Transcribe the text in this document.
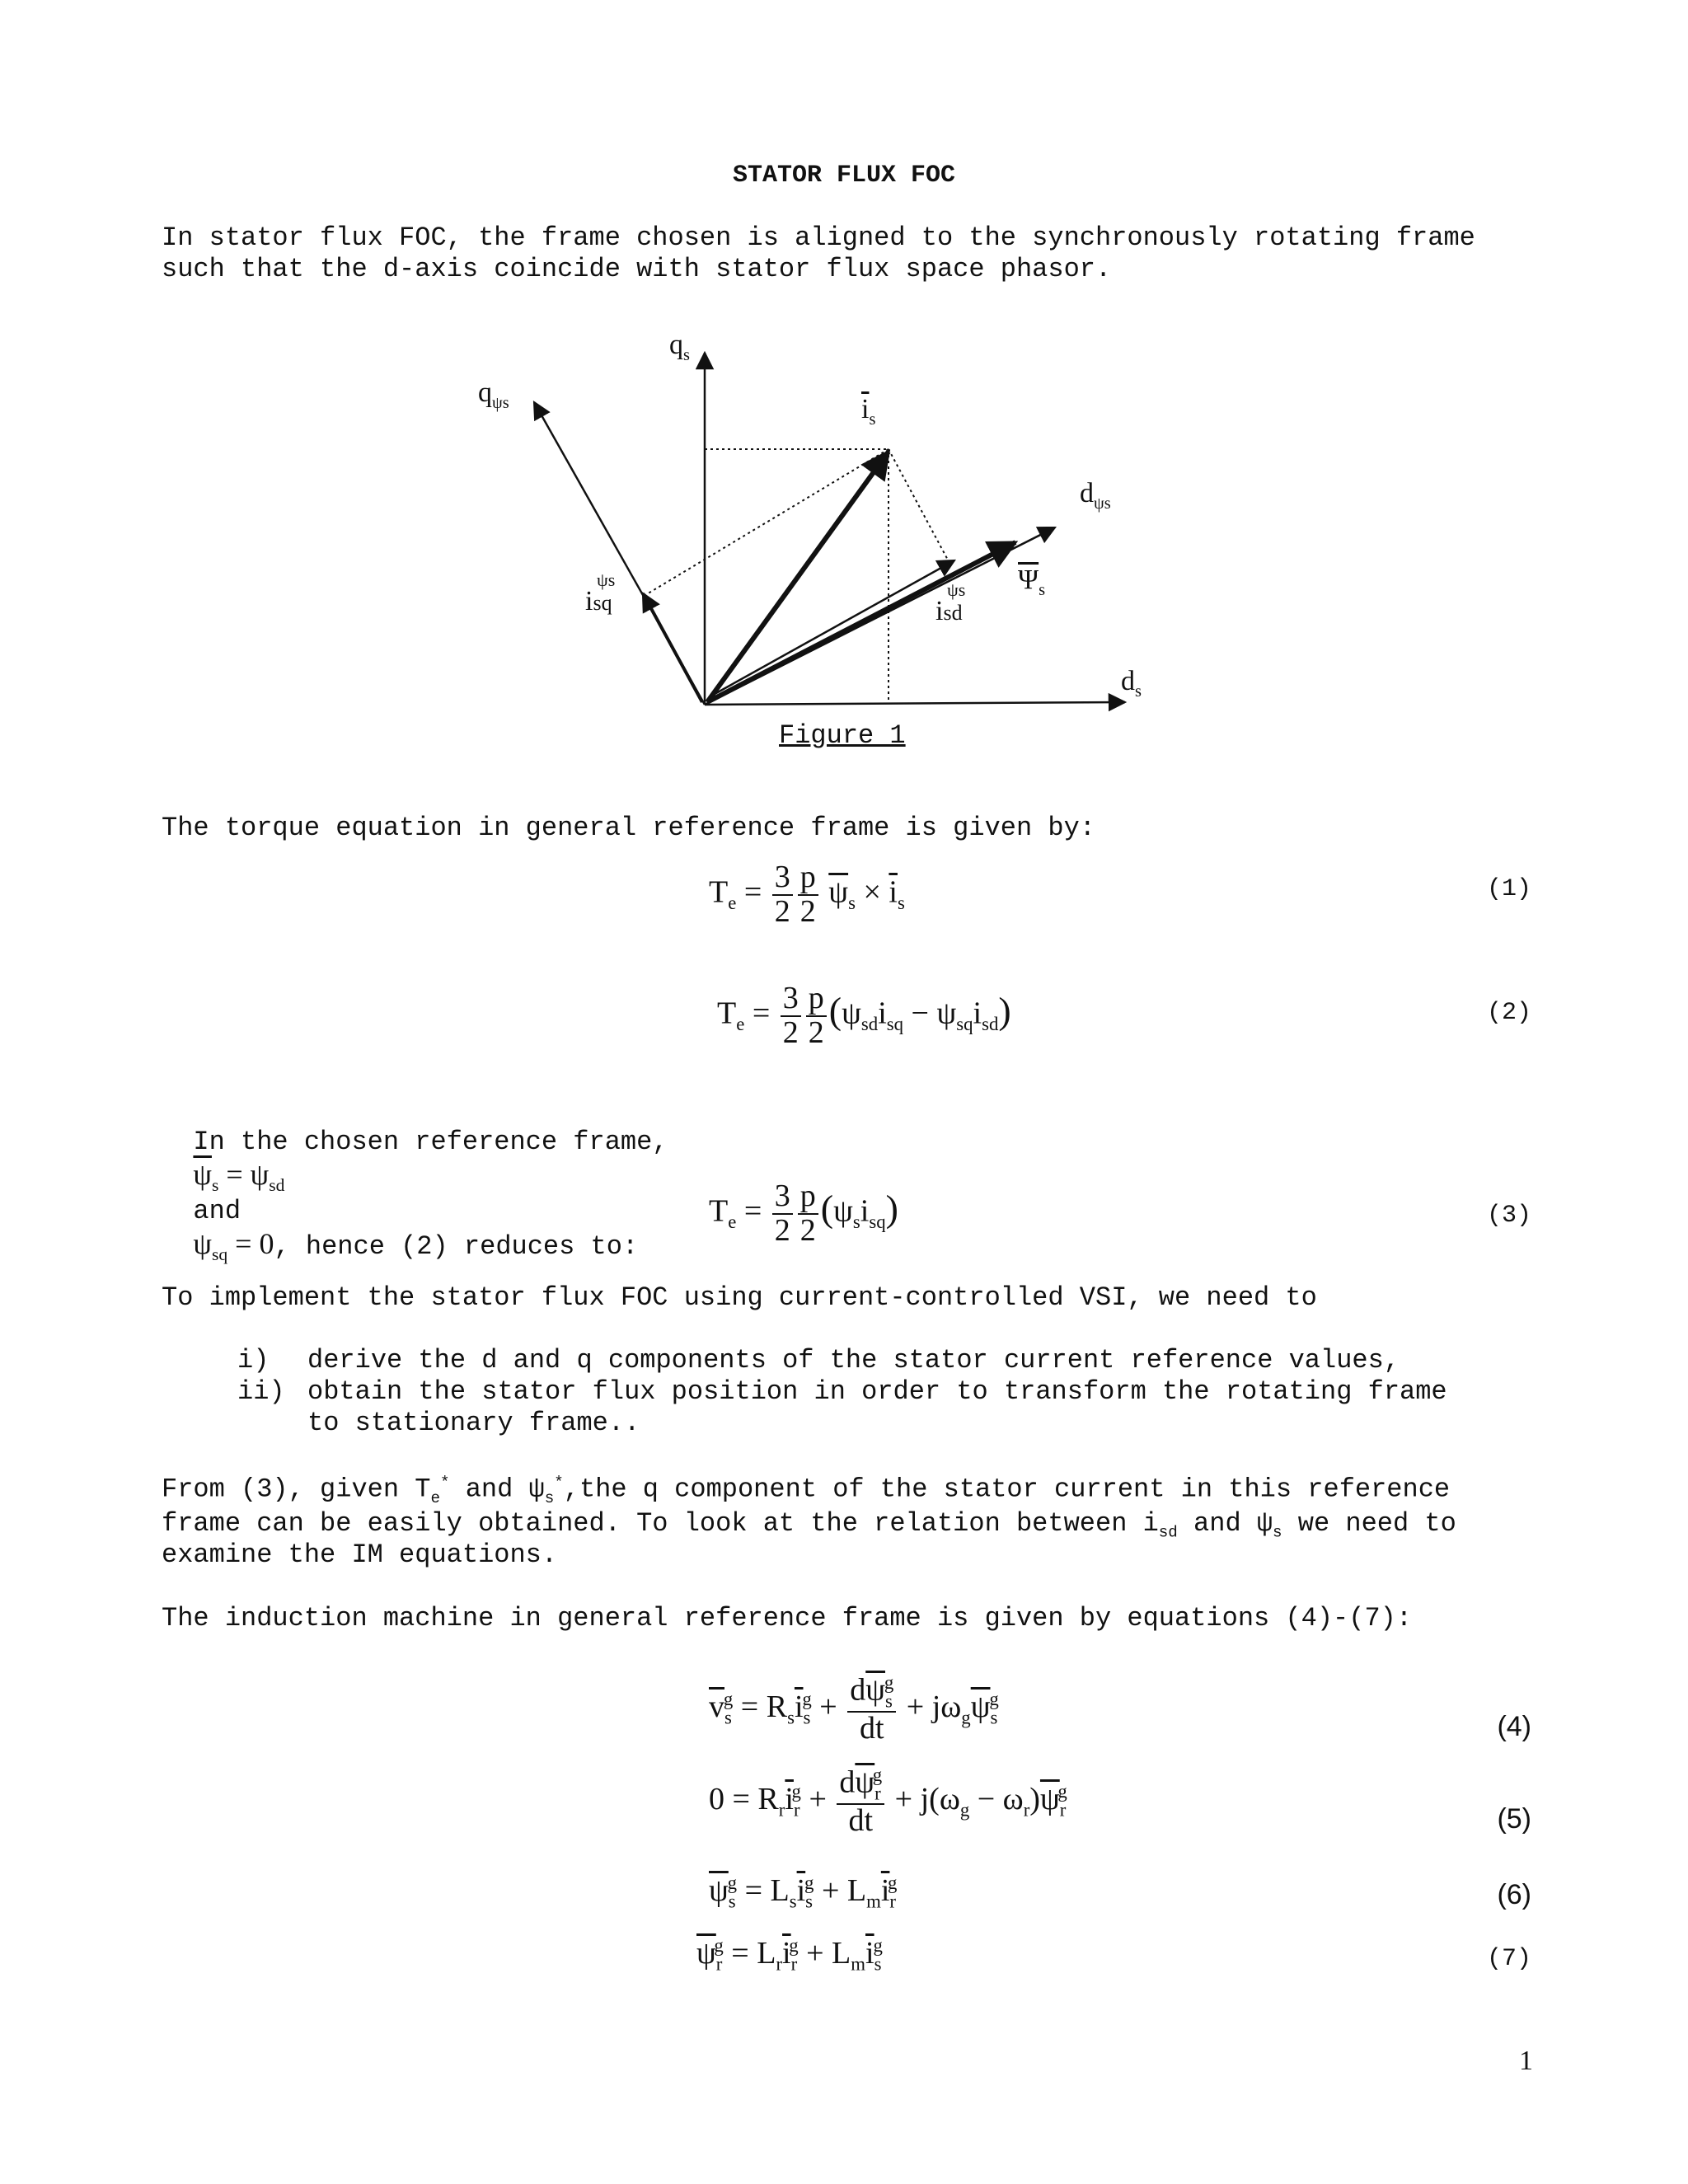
STATOR FLUX FOC
In stator flux FOC, the frame chosen is aligned to the synchronously rotating frame
such that the d-axis coincide with stator flux space phasor.
$q_s$
$q_{\psi s}$	$\overline{i}_s$
$d_{\psi s}$
ψs
isq
ψs
isd
$\overline{\Psi}_s$
$d_s$
Figure 1
The torque equation in general reference frame is given by:
$T_e = \frac{3}{2} \frac{p}{2} \overline{\psi}_s \times \overline{i}_s$	(1)
$T_e = \frac{3}{2} \frac{p}{2} (\psi_{sd}i_{sq} - \psi_{sq}i_{sd})$	(2)

In the chosen reference frame,
$\overline{\psi}_s = \psi_{sd}$
and
$\psi_{sq} = 0$, hence (2) reduces to:

$T_e = \frac{3}{2} \frac{p}{2} (\psi_si_{sq})$	(3)
To implement the stator flux FOC using current-controlled VSI, we need to
i) derive the d and q components of the stator current reference values,
ii) obtain the stator flux position in order to transform the rotating frame
to stationary frame..
From (3), given $T_e^*$ and $\psi_s^*,the$ q component of the stator current in this reference
frame can be easily obtained. To look at the relation between $i_{sd}$ and $\psi_s$ we need to
examine the IM equations.
The induction machine in general reference frame is given by equations (4)-(7):
$\overline{v}_s^g = R_s\overline{i}_s^g + \frac{d\overline{\psi}_s^g}{dt} + j\omega_g\overline{\psi}_s^g$
(4)
$0 = R_r\overline{i}_r^g + \frac{d\overline{\psi}_r^g}{dt} + j(\omega_g - \omega_r)\overline{\psi}_r^g$
(5)
$\overline{\psi}_s^g = L_s\overline{i}_s^g + L_m\overline{i}_r^g$	(6)
$\overline{\psi}_r^g = L_r\overline{i}_r^g + L_m\overline{i}_s^g$	(7)
1
